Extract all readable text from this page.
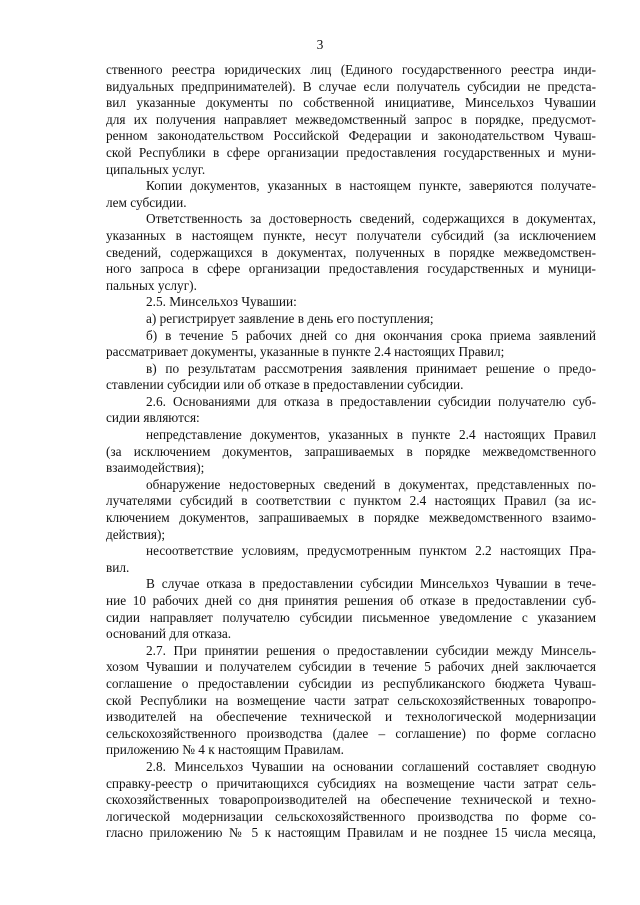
3
ственного реестра юридических лиц (Единого государственного реестра инди-
видуальных предпринимателей). В случае если получатель субсидии не предста-
вил указанные документы по собственной инициативе, Минсельхоз Чувашии
для их получения направляет межведомственный запрос в порядке, предусмот-
ренном законодательством Российской Федерации и законодательством Чуваш-
ской Республики в сфере организации предоставления государственных и муни-
ципальных услуг.
Копии документов, указанных в настоящем пункте, заверяются получате-
лем субсидии.
Ответственность за достоверность сведений, содержащихся в документах,
указанных в настоящем пункте, несут получатели субсидий (за исключением
сведений, содержащихся в документах, полученных в порядке межведомствен-
ного запроса в сфере организации предоставления государственных и муници-
пальных услуг).
2.5. Минсельхоз Чувашии:
а) регистрирует заявление в день его поступления;
б) в течение 5 рабочих дней со дня окончания срока приема заявлений
рассматривает документы, указанные в пункте 2.4 настоящих Правил;
в) по результатам рассмотрения заявления принимает решение о предо-
ставлении субсидии или об отказе в предоставлении субсидии.
2.6. Основаниями для отказа в предоставлении субсидии получателю суб-
сидии являются:
непредставление документов, указанных в пункте 2.4 настоящих Правил
(за исключением документов, запрашиваемых в порядке межведомственного
взаимодействия);
обнаружение недостоверных сведений в документах, представленных по-
лучателями субсидий в соответствии с пунктом 2.4 настоящих Правил (за ис-
ключением документов, запрашиваемых в порядке межведомственного взаимо-
действия);
несоответствие условиям, предусмотренным пунктом 2.2 настоящих Пра-
вил.
В случае отказа в предоставлении субсидии Минсельхоз Чувашии в тече-
ние 10 рабочих дней со дня принятия решения об отказе в предоставлении суб-
сидии направляет получателю субсидии письменное уведомление с указанием
оснований для отказа.
2.7. При принятии решения о предоставлении субсидии между Минсель-
хозом Чувашии и получателем субсидии в течение 5 рабочих дней заключается
соглашение о предоставлении субсидии из республиканского бюджета Чуваш-
ской Республики на возмещение части затрат сельскохозяйственных товаропро-
изводителей на обеспечение технической и технологической модернизации
сельскохозяйственного производства (далее – соглашение) по форме согласно
приложению № 4 к настоящим Правилам.
2.8. Минсельхоз Чувашии на основании соглашений составляет сводную
справку-реестр о причитающихся субсидиях на возмещение части затрат сель-
скохозяйственных товаропроизводителей на обеспечение технической и техно-
логической модернизации сельскохозяйственного производства по форме со-
гласно приложению № 5 к настоящим Правилам и не позднее 15 числа месяца,
